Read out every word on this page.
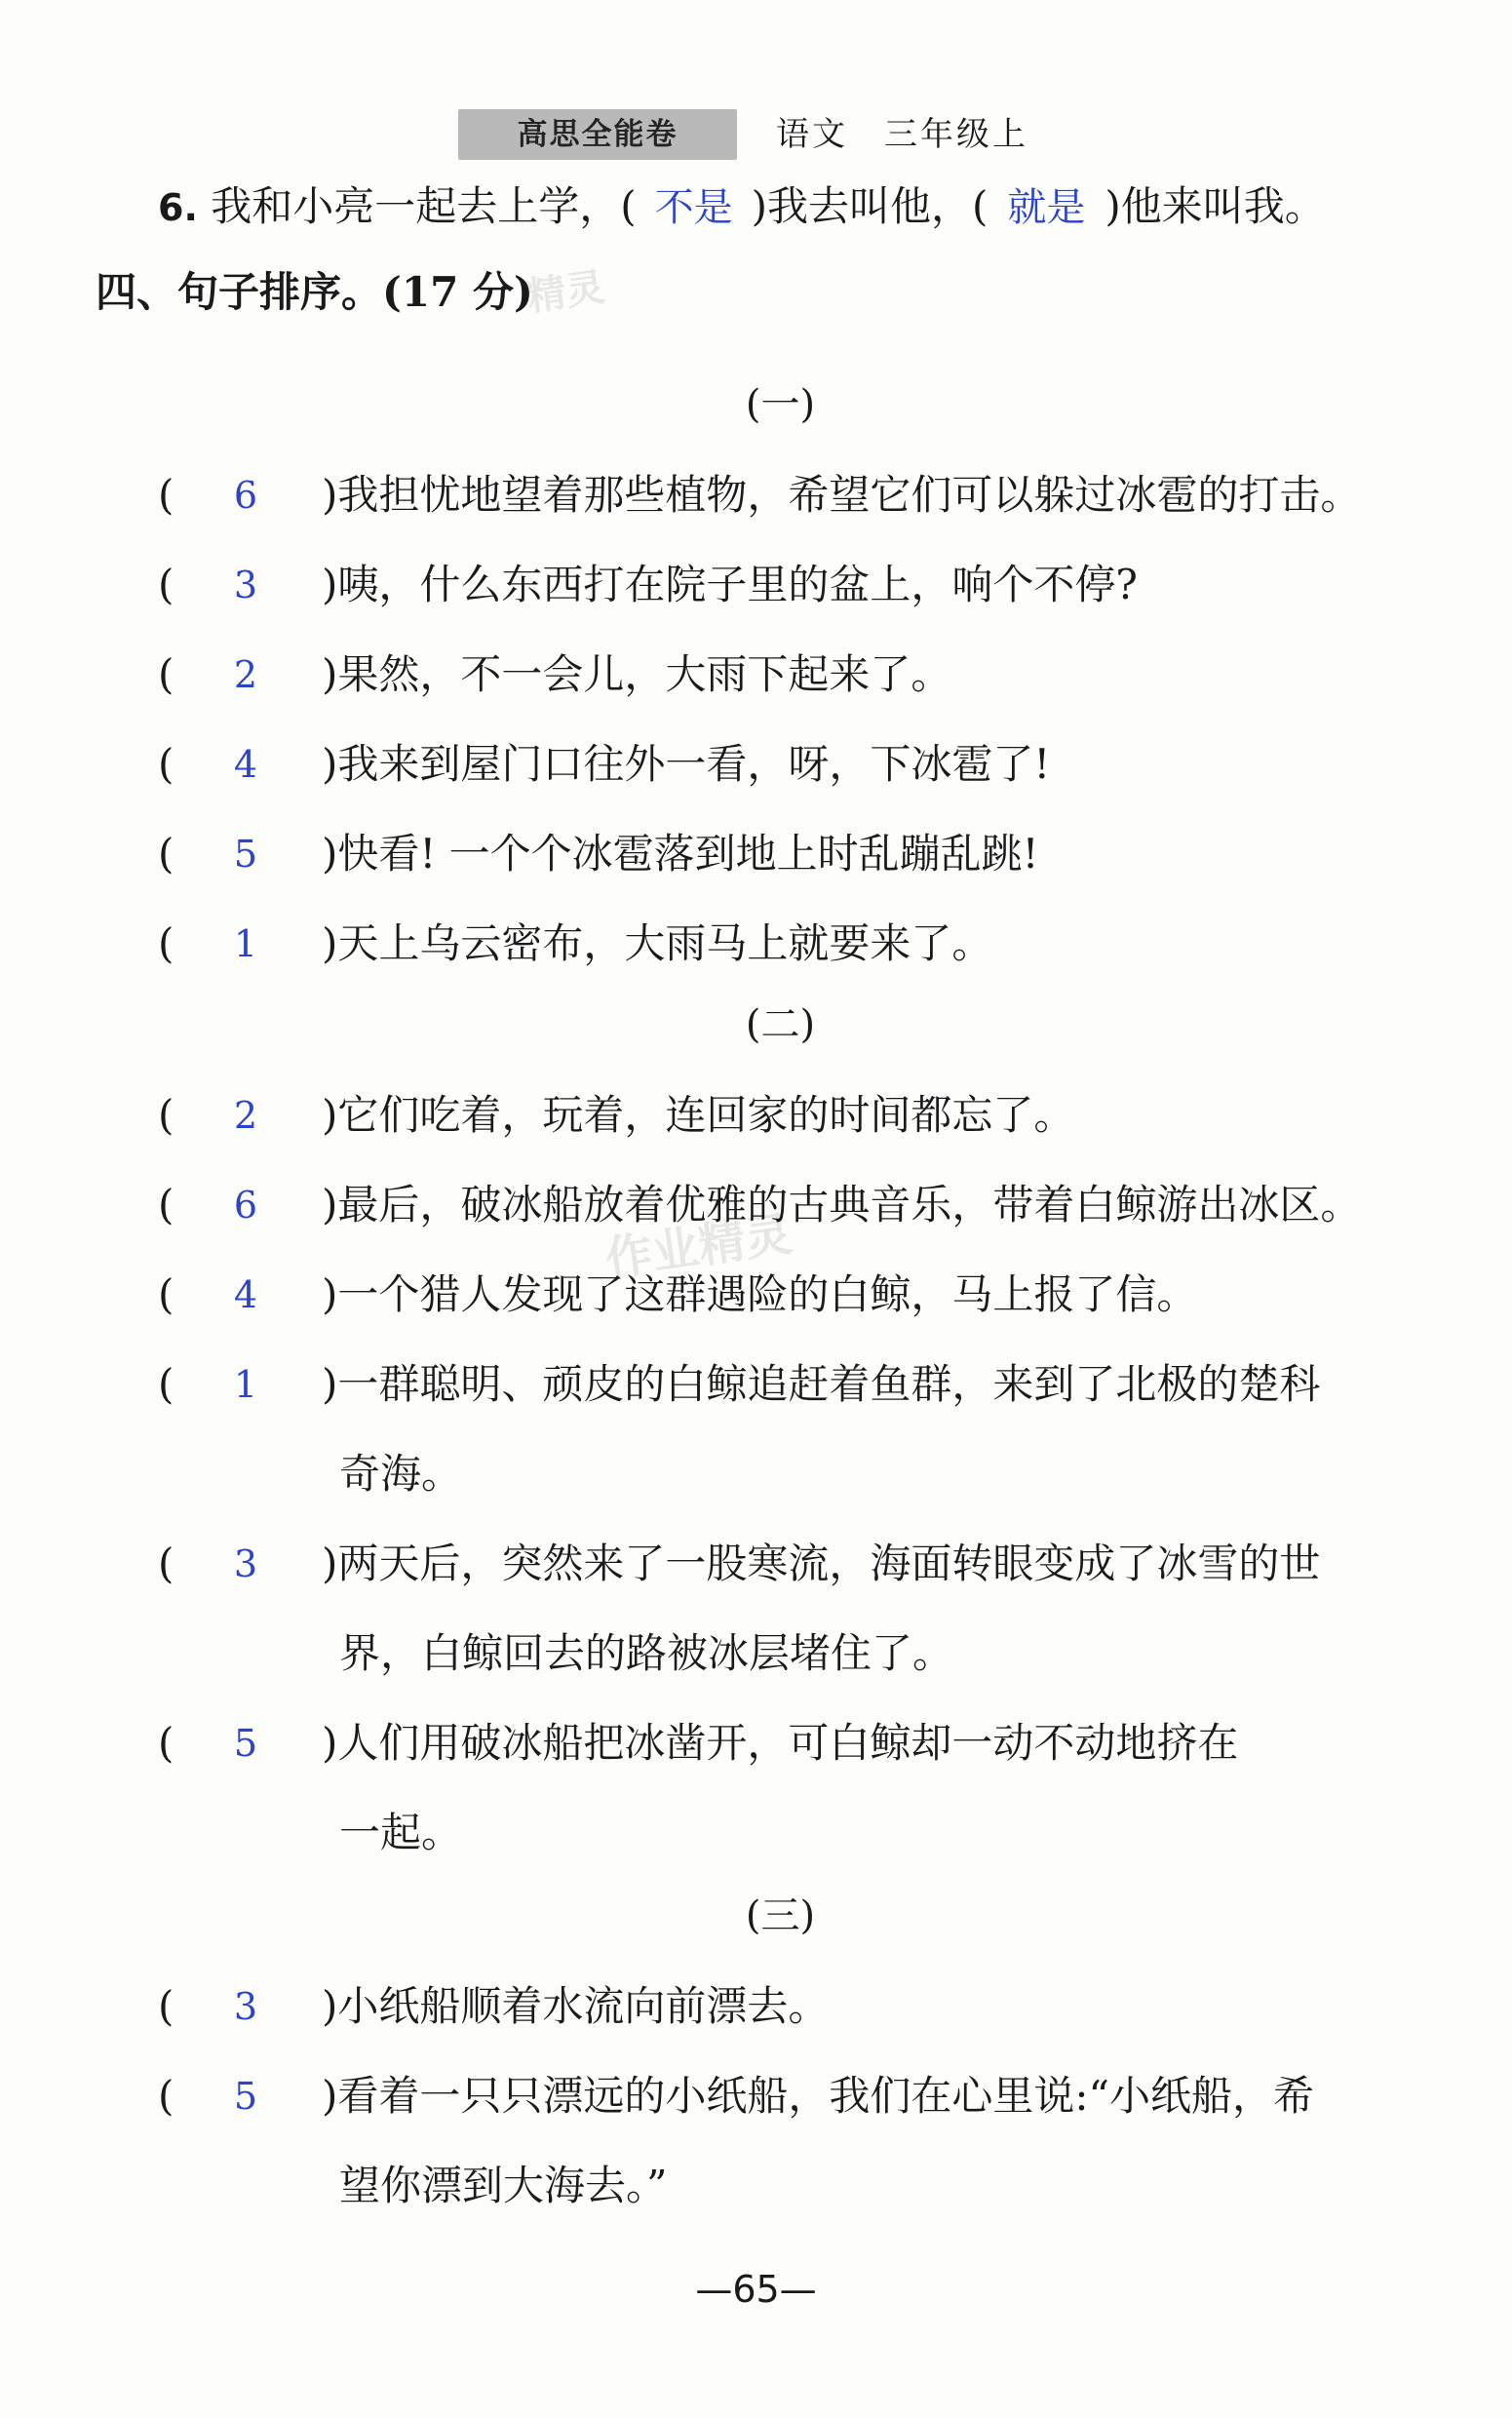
高思全能卷	语文　三年级上
6. 我和小亮一起去上学，( 不是 )我去叫他，( 就是 )他来叫我。
四、句子排序。(17 分)
精灵
作业精灵
(一)
(	6 )我担忧地望着那些植物，希望它们可以躲过冰雹的打击。
(	3 )咦，什么东西打在院子里的盆上，响个不停?
(	2 )果然，不一会儿，大雨下起来了。
(	4 )我来到屋门口往外一看，呀，下冰雹了!
(	5 )快看! 一个个冰雹落到地上时乱蹦乱跳!
(	1 )天上乌云密布，大雨马上就要来了。
(二)
(	2 )它们吃着，玩着，连回家的时间都忘了。
(	6 )最后，破冰船放着优雅的古典音乐，带着白鲸游出冰区。
(	4 )一个猎人发现了这群遇险的白鲸，马上报了信。
(	1 )一群聪明、顽皮的白鲸追赶着鱼群，来到了北极的楚科
奇海。
(	3 )两天后，突然来了一股寒流，海面转眼变成了冰雪的世
界，白鲸回去的路被冰层堵住了。
(	5 )人们用破冰船把冰凿开，可白鲸却一动不动地挤在
一起。
(三)
(	3 )小纸船顺着水流向前漂去。
(	5 )看着一只只漂远的小纸船，我们在心里说:“小纸船，希
望你漂到大海去。”
—65—
